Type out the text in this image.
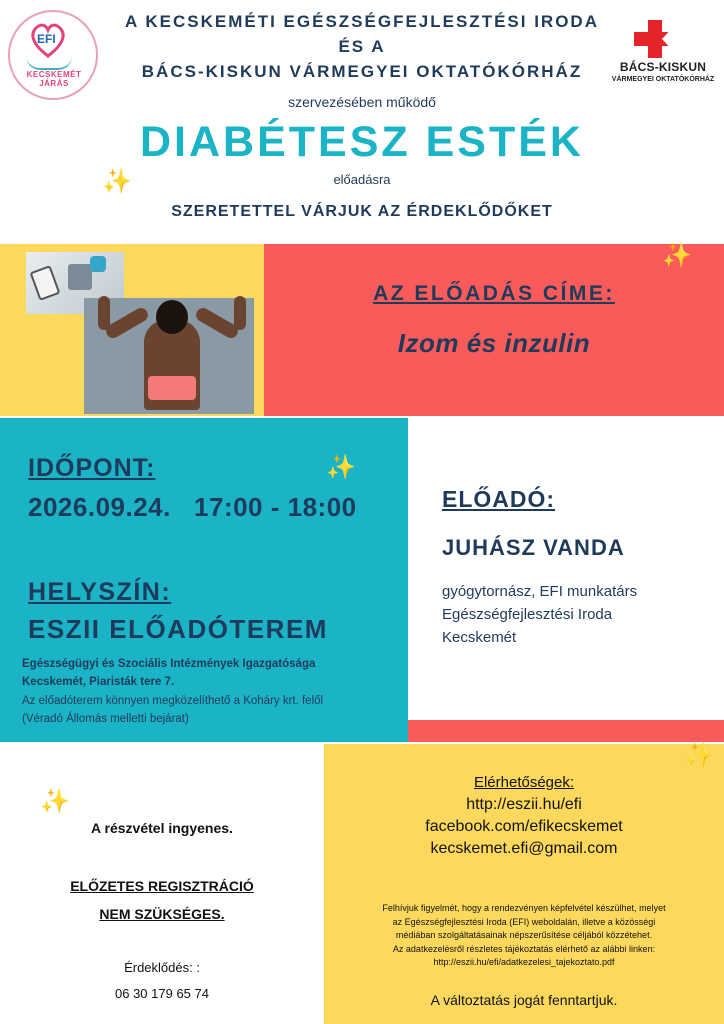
EFI
KECSKEMÉT JÁRÁS
BÁCS-KISKUN
VÁRMEGYEI OKTATÓKÓRHÁZ
A KECSKEMÉTI EGÉSZSÉGFEJLESZTÉSI IRODA
ÉS A
BÁCS-KISKUN VÁRMEGYEI OKTATÓKÓRHÁZ
szervezésében működő
DIABÉTESZ ESTÉK
✨	előadásra
SZERETETTEL VÁRJUK AZ ÉRDEKLŐDŐKET
✨
AZ ELŐADÁS CÍME:
Izom és inzulin
IDŐPONT:	✨
2026.09.24.   17:00 - 18:00
HELYSZÍN:
ESZII ELŐADÓTEREM
Egészségügyi és Szociális Intézmények Igazgatósága
Kecskemét, Piaristák tere 7.
Az előadóterem könnyen megközelíthető a Koháry krt. felől
(Véradó Állomás melletti bejárat)
ELŐADÓ:
JUHÁSZ VANDA
gyógytornász, EFI munkatárs
Egészségfejlesztési Iroda
Kecskemét
✨
✨
A részvétel ingyenes.
ELŐZETES REGISZTRÁCIÓ
NEM SZÜKSÉGES.
Érdeklődés: :
06 30 179 65 74
Elérhetőségek:
http://eszii.hu/efi
facebook.com/efikecskemet
kecskemet.efi@gmail.com
Felhívjuk figyelmét, hogy a rendezvényen képfelvétel készülhet, melyet
az Egészségfejlesztési Iroda (EFI) weboldalán, illetve a közösségi
médiában szolgáltatásainak népszerűsítése céljából közzétehet.
Az adatkezelésről részletes tájékoztatás elérhető az alábbi linken:
http://eszii.hu/efi/adatkezelesi_tajekoztato.pdf
A változtatás jogát fenntartjuk.
